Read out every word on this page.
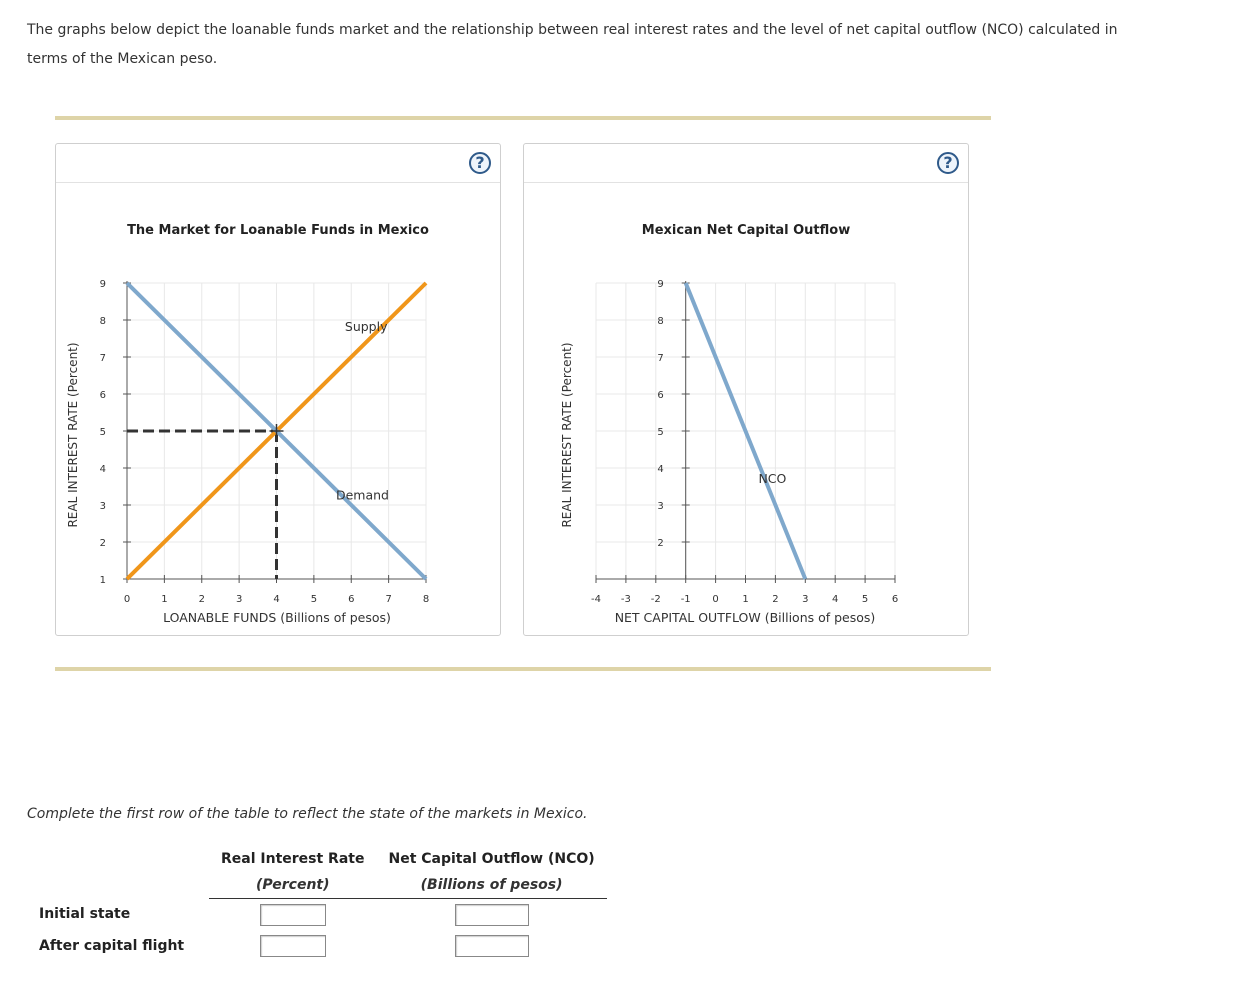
The graphs below depict the loanable funds market and the relationship between real interest rates and the level of net capital outflow (NCO) calculated in terms of the Mexican peso.
?
The Market for Loanable Funds in Mexico
REAL INTEREST RATE (Percent)
LOANABLE FUNDS (Billions of pesos)
0	1	2	3	4	5	6	7	8
1
2
3
4
5
6
7
8
9
Supply
Demand
?
Mexican Net Capital Outflow
REAL INTEREST RATE (Percent)
NET CAPITAL OUTFLOW (Billions of pesos)
-4 -3 -2 -1 0 1 2 3 4 5 6
2
3
4
5
6
7
8
9
NCO
Complete the first row of the table to reflect the state of the markets in Mexico.
	Real Interest Rate	Net Capital Outflow (NCO)
	(Percent)	(Billions of pesos)
Initial state		
After capital flight		
